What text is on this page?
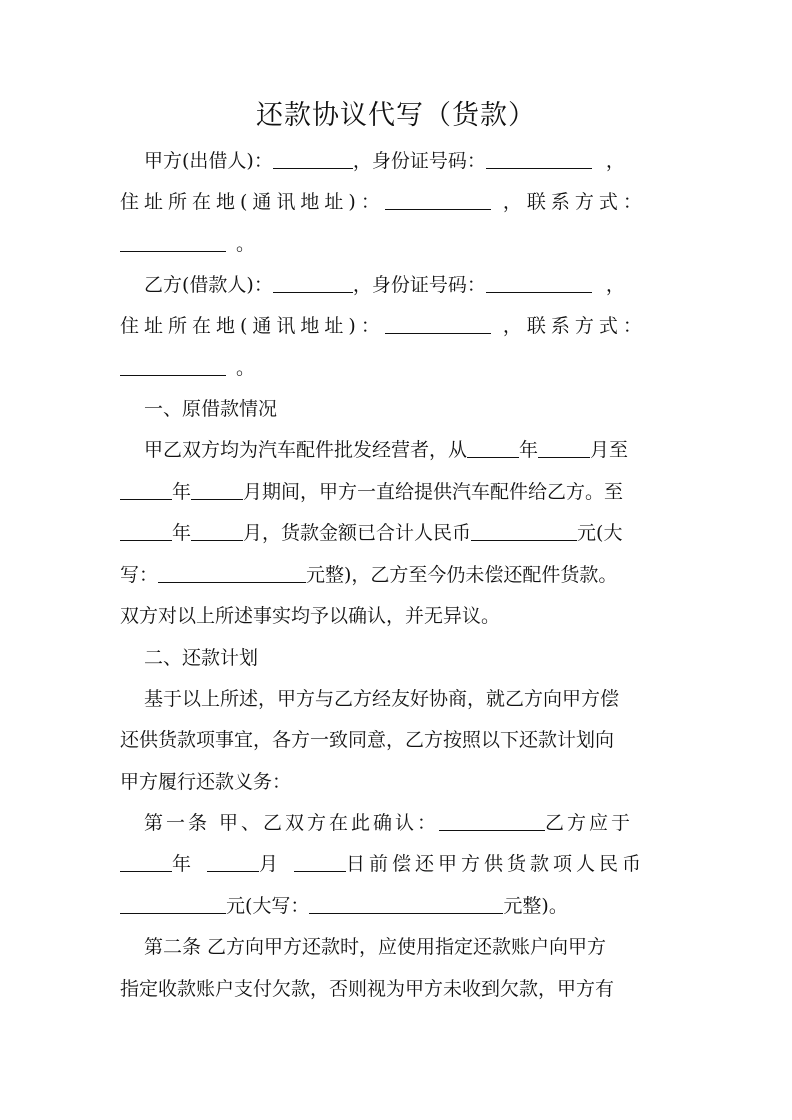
还款协议代写（货款）
甲方(出借人)：	，身份证号码：	，
住址所在地(通讯地址)：	，联系方式：
。
乙方(借款人)：	，身份证号码：	，
住址所在地(通讯地址)：	，联系方式：
。
一、原借款情况
甲乙双方均为汽车配件批发经营者，从	年	月至
年	月期间，甲方一直给提供汽车配件给乙方。至
年	月，货款金额已合计人民币	元(大
写：	元整)，乙方至今仍未偿还配件货款。
双方对以上所述事实均予以确认，并无异议。
二、还款计划
基于以上所述，甲方与乙方经友好协商，就乙方向甲方偿
还供货款项事宜，各方一致同意，乙方按照以下还款计划向
甲方履行还款义务：
第一条 甲、乙双方在此确认：	乙方应于
年	月	日前偿还甲方供货款项人民币
元(大写：	元整)。
第二条 乙方向甲方还款时，应使用指定还款账户向甲方
指定收款账户支付欠款，否则视为甲方未收到欠款，甲方有
